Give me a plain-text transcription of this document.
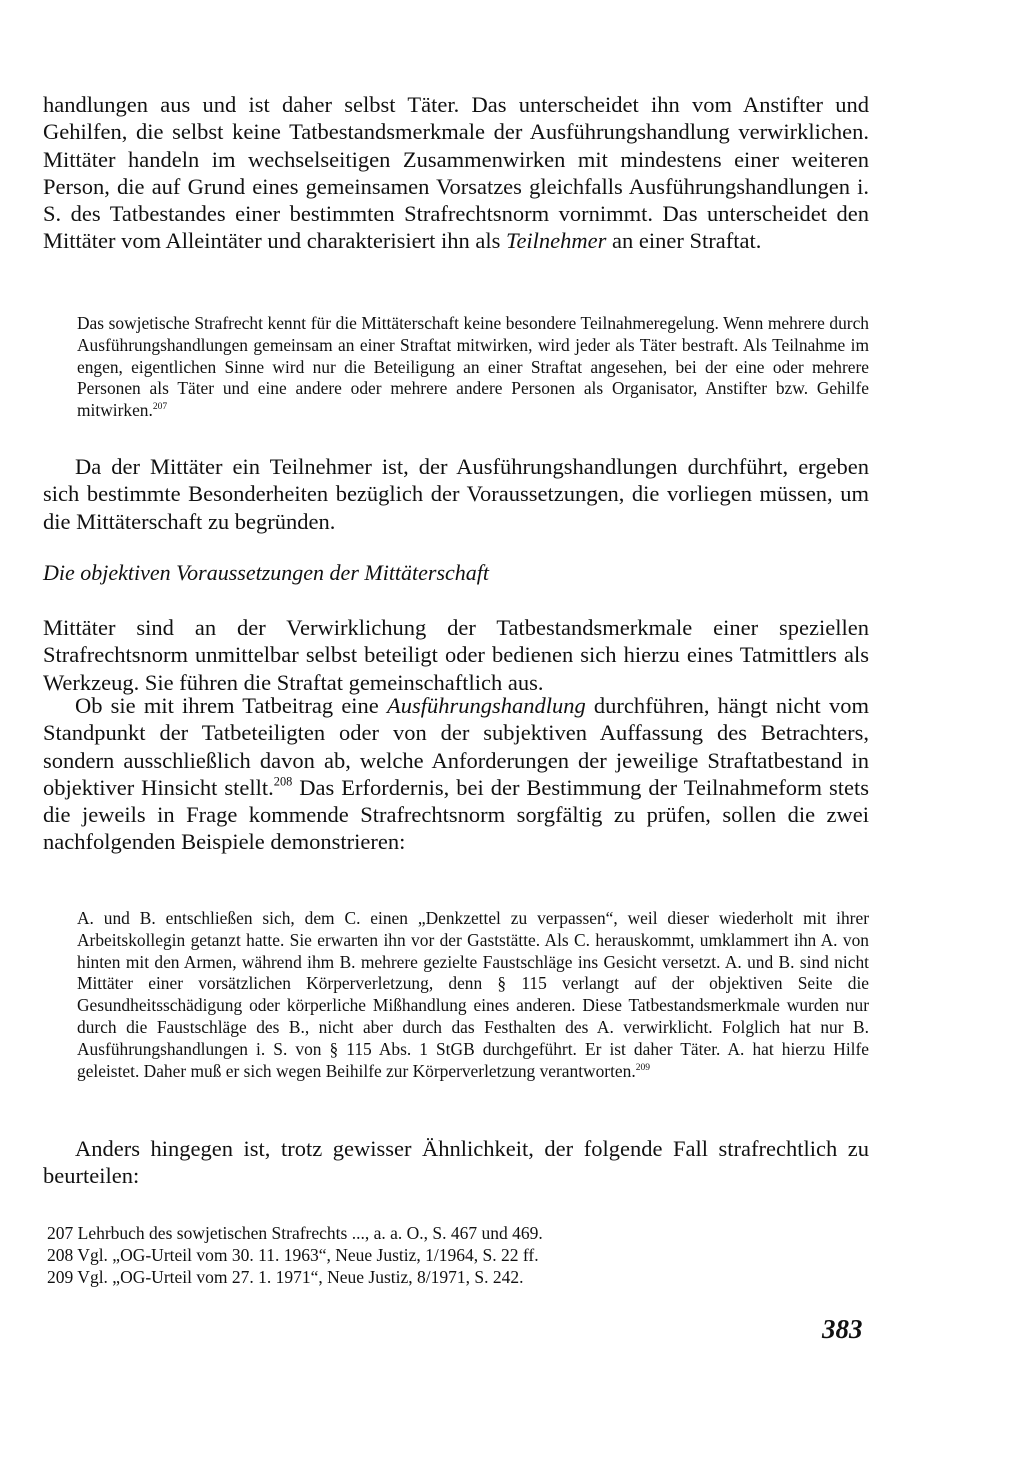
handlungen aus und ist daher selbst Täter. Das unterscheidet ihn vom Anstifter und Gehilfen, die selbst keine Tatbestandsmerkmale der Ausführungshandlung verwirklichen. Mittäter handeln im wechselseitigen Zusammenwirken mit mindestens einer weiteren Person, die auf Grund eines gemeinsamen Vorsatzes gleichfalls Ausführungshandlungen i. S. des Tatbestandes einer bestimmten Strafrechtsnorm vornimmt. Das unterscheidet den Mittäter vom Alleintäter und charakterisiert ihn als Teilnehmer an einer Straftat.

Das sowjetische Strafrecht kennt für die Mittäterschaft keine besondere Teilnahmeregelung. Wenn mehrere durch Ausführungshandlungen gemeinsam an einer Straftat mitwirken, wird jeder als Täter bestraft. Als Teilnahme im engen, eigentlichen Sinne wird nur die Beteiligung an einer Straftat angesehen, bei der eine oder mehrere Personen als Täter und eine andere oder mehrere andere Personen als Organisator, Anstifter bzw. Gehilfe mitwirken.$^{207}$

Da der Mittäter ein Teilnehmer ist, der Ausführungshandlungen durchführt, ergeben sich bestimmte Besonderheiten bezüglich der Voraussetzungen, die vorliegen müssen, um die Mittäterschaft zu begründen.

Die objektiven Voraussetzungen der Mittäterschaft

Mittäter sind an der Verwirklichung der Tatbestandsmerkmale einer speziellen Strafrechtsnorm unmittelbar selbst beteiligt oder bedienen sich hierzu eines Tatmittlers als Werkzeug. Sie führen die Straftat gemeinschaftlich aus.

Ob sie mit ihrem Tatbeitrag eine Ausführungshandlung durchführen, hängt nicht vom Standpunkt der Tatbeteiligten oder von der subjektiven Auffassung des Betrachters, sondern ausschließlich davon ab, welche Anforderungen der jeweilige Straftatbestand in objektiver Hinsicht stellt.$^{208}$ Das Erfordernis, bei der Bestimmung der Teilnahmeform stets die jeweils in Frage kommende Strafrechtsnorm sorgfältig zu prüfen, sollen die zwei nachfolgenden Beispiele demonstrieren:

A. und B. entschließen sich, dem C. einen „Denkzettel zu verpassen“, weil dieser wiederholt mit ihrer Arbeitskollegin getanzt hatte. Sie erwarten ihn vor der Gaststätte. Als C. herauskommt, umklammert ihn A. von hinten mit den Armen, während ihm B. mehrere gezielte Faustschläge ins Gesicht versetzt. A. und B. sind nicht Mittäter einer vorsätzlichen Körperverletzung, denn § 115 verlangt auf der objektiven Seite die Gesundheitsschädigung oder körperliche Mißhandlung eines anderen. Diese Tatbestandsmerkmale wurden nur durch die Faustschläge des B., nicht aber durch das Festhalten des A. verwirklicht. Folglich hat nur B. Ausführungshandlungen i. S. von § 115 Abs. 1 StGB durchgeführt. Er ist daher Täter. A. hat hierzu Hilfe geleistet. Daher muß er sich wegen Beihilfe zur Körperverletzung verantworten.$^{209}$

Anders hingegen ist, trotz gewisser Ähnlichkeit, der folgende Fall strafrechtlich zu beurteilen:

207 Lehrbuch des sowjetischen Strafrechts ..., a. a. O., S. 467 und 469.

208 Vgl. „OG-Urteil vom 30. 11. 1963“, Neue Justiz, 1/1964, S. 22 ff.

209 Vgl. „OG-Urteil vom 27. 1. 1971“, Neue Justiz, 8/1971, S. 242.

383
